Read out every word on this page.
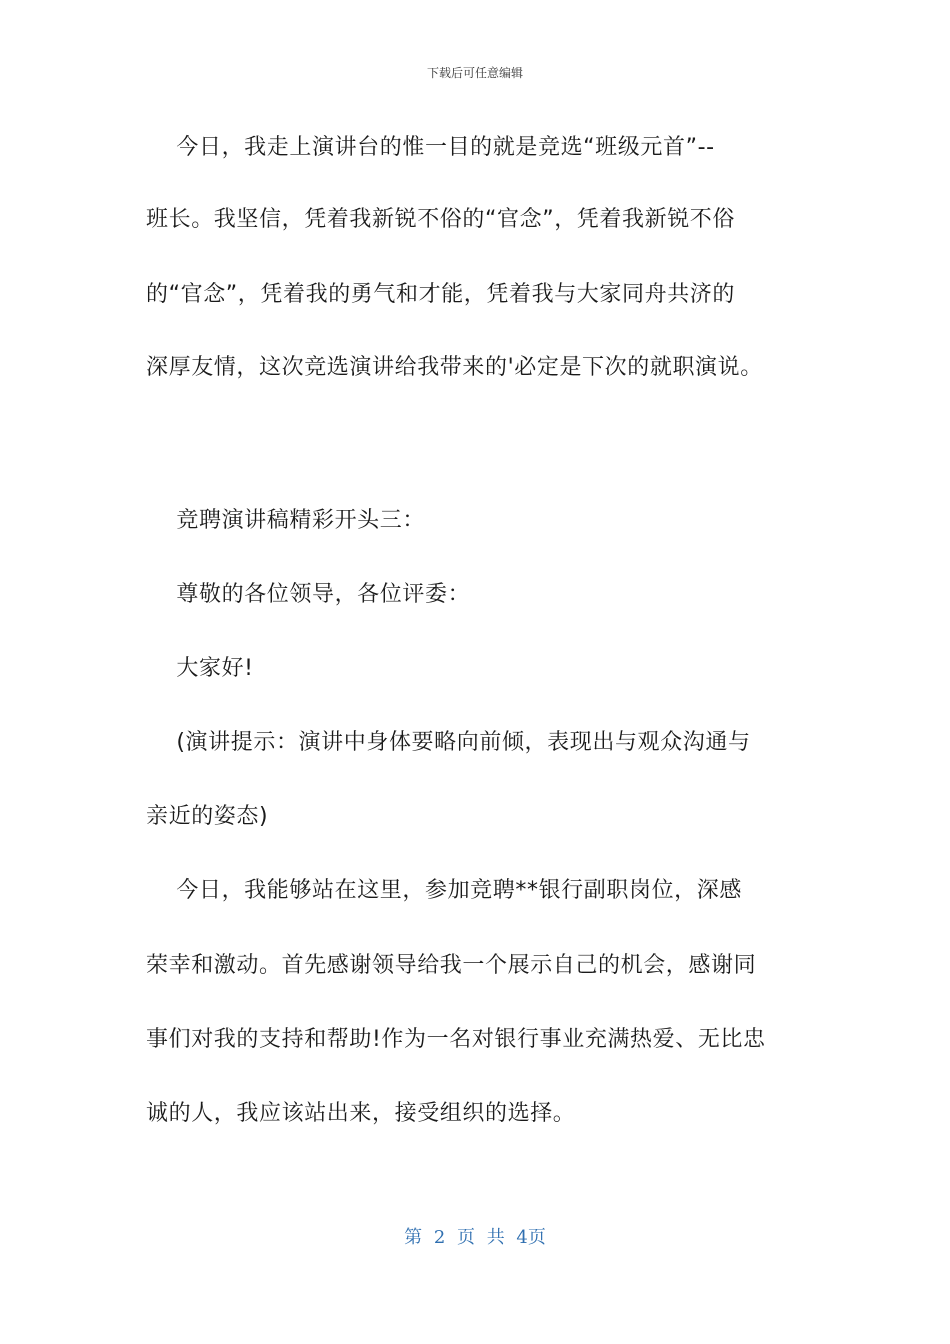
下载后可任意编辑
今日，我走上演讲台的惟一目的就是竞选“班级元首”--
班长。我坚信，凭着我新锐不俗的“官念”，凭着我新锐不俗
的“官念”，凭着我的勇气和才能，凭着我与大家同舟共济的
深厚友情，这次竞选演讲给我带来的'必定是下次的就职演说。
竞聘演讲稿精彩开头三：
尊敬的各位领导，各位评委：
大家好!
(演讲提示：演讲中身体要略向前倾，表现出与观众沟通与
亲近的姿态)
今日，我能够站在这里，参加竞聘**银行副职岗位，深感
荣幸和激动。首先感谢领导给我一个展示自己的机会，感谢同
事们对我的支持和帮助!作为一名对银行事业充满热爱、无比忠
诚的人，我应该站出来，接受组织的选择。
第 2 页 共 4页
